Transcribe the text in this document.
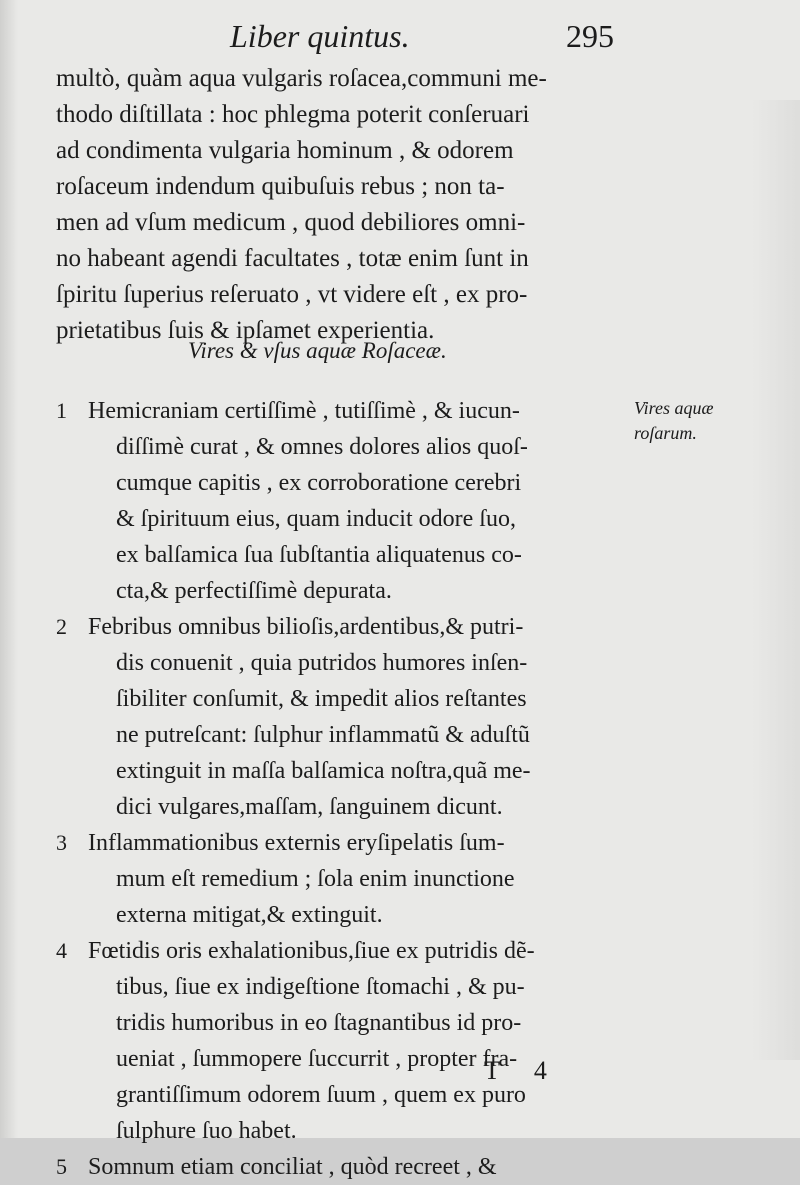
Liber quintus.	295
multò, quàm aqua vulgaris roſacea,communi me-
thodo diſtillata : hoc phlegma poterit conſeruari
ad condimenta vulgaria hominum , & odorem
roſaceum indendum quibuſuis rebus ; non ta-
men ad vſum medicum , quod debiliores omni-
no habeant agendi facultates , totæ enim ſunt in
ſpiritu ſuperius reſeruato , vt videre eſt , ex pro-
prietatibus ſuis & ipſamet experientia.
Vires & vſus aquæ Roſaceæ.
Vires aquæ
roſarum.
1 Hemicraniam certiſſimè , tutiſſimè , & iucun-
diſſimè curat , & omnes dolores alios quoſ-
cumque capitis , ex corroboratione cerebri
& ſpirituum eius, quam inducit odore ſuo,
ex balſamica ſua ſubſtantia aliquatenus co-
cta,& perfectiſſimè depurata.
2 Febribus omnibus bilioſis,ardentibus,& putri-
dis conuenit , quia putridos humores inſen-
ſibiliter conſumit, & impedit alios reſtantes
ne putreſcant: ſulphur inflammatũ & aduſtũ
extinguit in maſſa balſamica noſtra,quã me-
dici vulgares,maſſam, ſanguinem dicunt.
3 Inflammationibus externis eryſipelatis ſum-
mum eſt remedium ; ſola enim inunctione
externa mitigat,& extinguit.
4 Fœtidis oris exhalationibus,ſiue ex putridis dẽ-
tibus, ſiue ex indigeſtione ſtomachi , & pu-
tridis humoribus in eo ſtagnantibus id pro-
ueniat , ſummopere ſuccurrit , propter fra-
grantiſſimum odorem ſuum , quem ex puro
ſulphure ſuo habet.
5 Somnum etiam conciliat , quòd recreet , &
T 4
